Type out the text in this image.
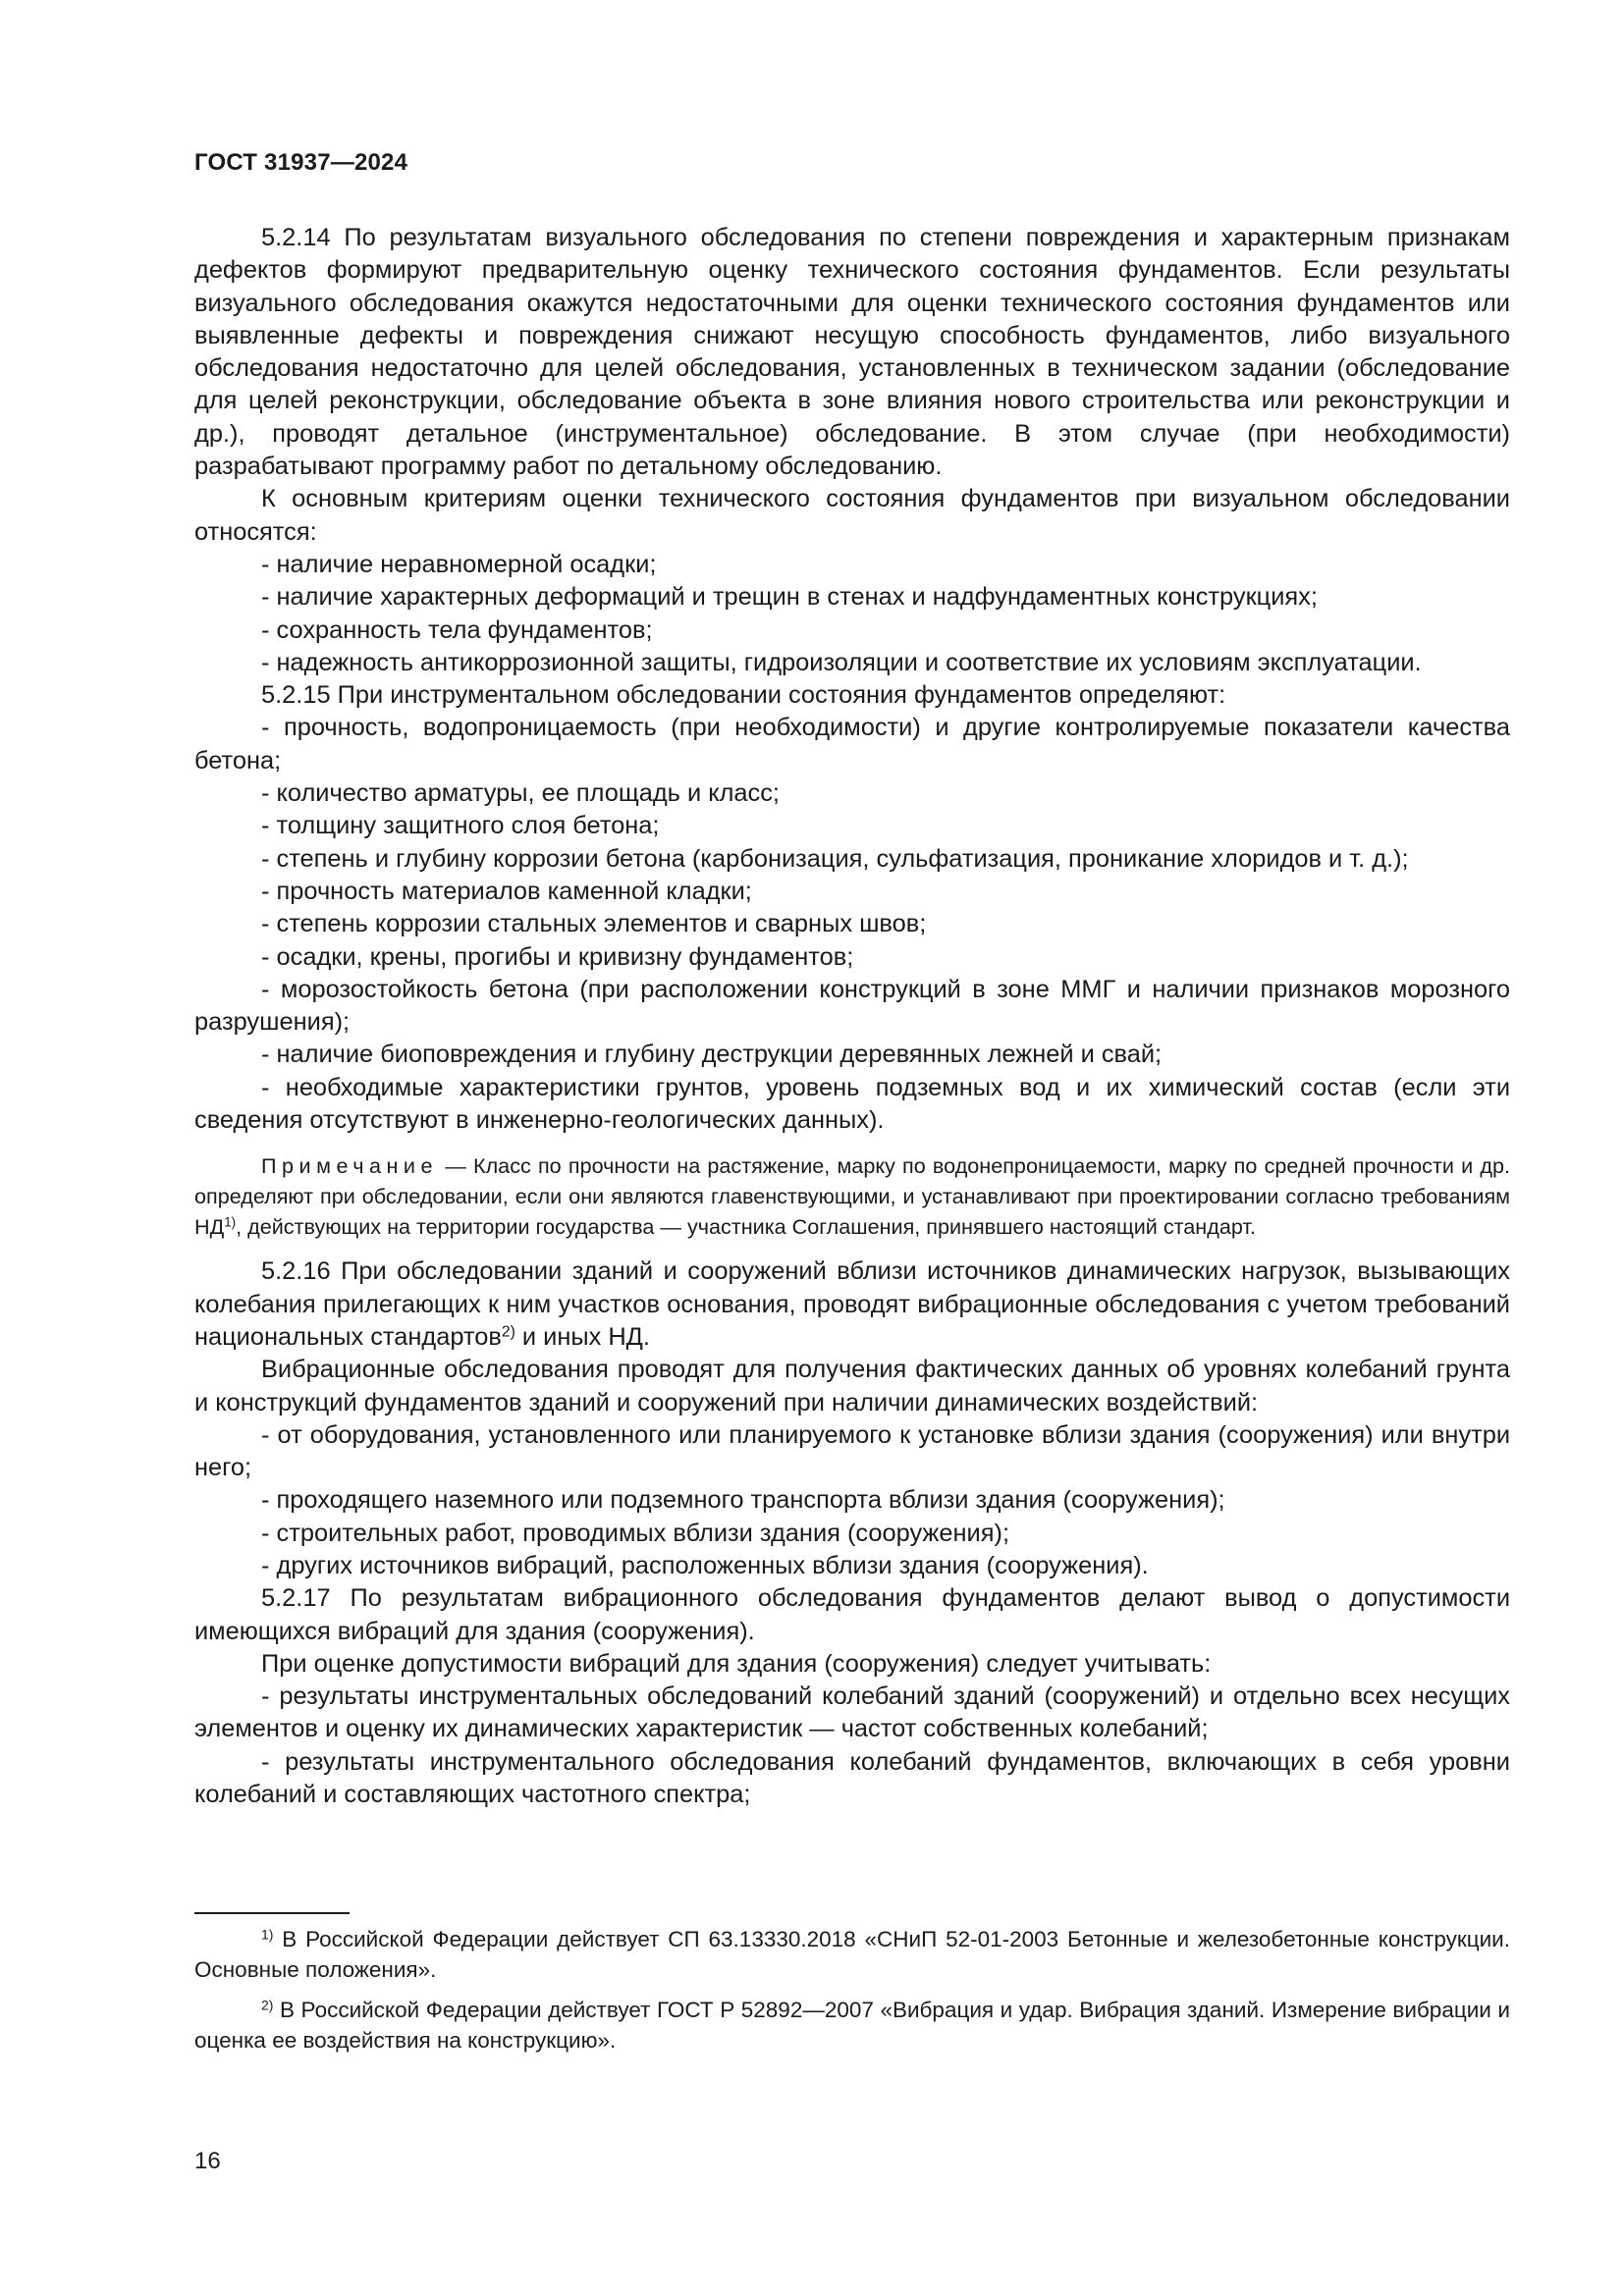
ГОСТ 31937—2024

5.2.14 По результатам визуального обследования по степени повреждения и характерным признакам дефектов формируют предварительную оценку технического состояния фундаментов. Если результаты визуального обследования окажутся недостаточными для оценки технического состояния фундаментов или выявленные дефекты и повреждения снижают несущую способность фундаментов, либо визуального обследования недостаточно для целей обследования, установленных в техническом задании (обследование для целей реконструкции, обследование объекта в зоне влияния нового строительства или реконструкции и др.), проводят детальное (инструментальное) обследование. В этом случае (при необходимости) разрабатывают программу работ по детальному обследованию.

К основным критериям оценки технического состояния фундаментов при визуальном обследовании относятся:

- наличие неравномерной осадки;

- наличие характерных деформаций и трещин в стенах и надфундаментных конструкциях;

- сохранность тела фундаментов;

- надежность антикоррозионной защиты, гидроизоляции и соответствие их условиям эксплуатации.

5.2.15 При инструментальном обследовании состояния фундаментов определяют:

- прочность, водопроницаемость (при необходимости) и другие контролируемые показатели качества бетона;

- количество арматуры, ее площадь и класс;

- толщину защитного слоя бетона;

- степень и глубину коррозии бетона (карбонизация, сульфатизация, проникание хлоридов и т. д.);

- прочность материалов каменной кладки;

- степень коррозии стальных элементов и сварных швов;

- осадки, крены, прогибы и кривизну фундаментов;

- морозостойкость бетона (при расположении конструкций в зоне ММГ и наличии признаков морозного разрушения);

- наличие биоповреждения и глубину деструкции деревянных лежней и свай;

- необходимые характеристики грунтов, уровень подземных вод и их химический состав (если эти сведения отсутствуют в инженерно-геологических данных).

Примечание — Класс по прочности на растяжение, марку по водонепроницаемости, марку по средней прочности и др. определяют при обследовании, если они являются главенствующими, и устанавливают при проектировании согласно требованиям НД$^{1)}$, действующих на территории государства — участника Соглашения, принявшего настоящий стандарт.

5.2.16 При обследовании зданий и сооружений вблизи источников динамических нагрузок, вызывающих колебания прилегающих к ним участков основания, проводят вибрационные обследования с учетом требований национальных стандартов$^{2)}$ и иных НД.

Вибрационные обследования проводят для получения фактических данных об уровнях колебаний грунта и конструкций фундаментов зданий и сооружений при наличии динамических воздействий:

- от оборудования, установленного или планируемого к установке вблизи здания (сооружения) или внутри него;

- проходящего наземного или подземного транспорта вблизи здания (сооружения);

- строительных работ, проводимых вблизи здания (сооружения);

- других источников вибраций, расположенных вблизи здания (сооружения).

5.2.17 По результатам вибрационного обследования фундаментов делают вывод о допустимости имеющихся вибраций для здания (сооружения).

При оценке допустимости вибраций для здания (сооружения) следует учитывать:

- результаты инструментальных обследований колебаний зданий (сооружений) и отдельно всех несущих элементов и оценку их динамических характеристик — частот собственных колебаний;

- результаты инструментального обследования колебаний фундаментов, включающих в себя уровни колебаний и составляющих частотного спектра;

$^{1)}$ В Российской Федерации действует СП 63.13330.2018 «СНиП 52-01-2003 Бетонные и железобетонные конструкции. Основные положения».

$^{2)}$ В Российской Федерации действует ГОСТ Р 52892—2007 «Вибрация и удар. Вибрация зданий. Измерение вибрации и оценка ее воздействия на конструкцию».

16
